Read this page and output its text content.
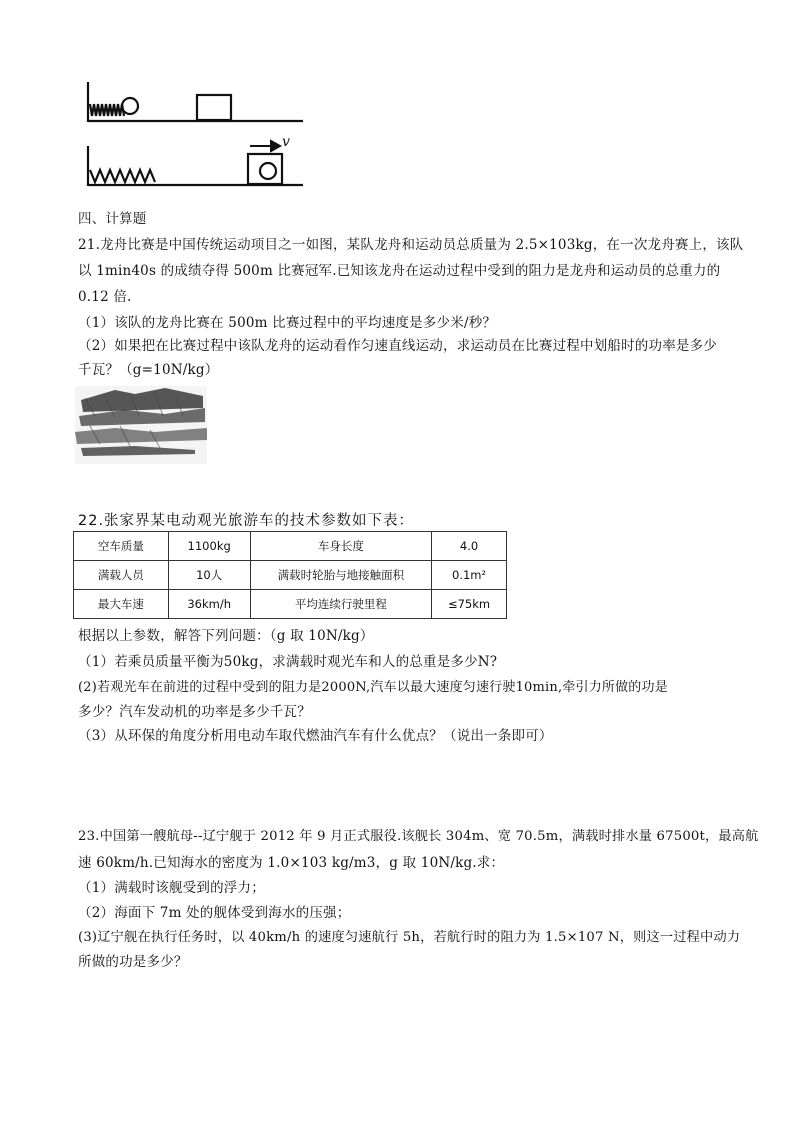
v
四、计算题
21.龙舟比赛是中国传统运动项目之一如图，某队龙舟和运动员总质量为 2.5×103kg，在一次龙舟赛上，该队
以 1min40s 的成绩夺得 500m 比赛冠军.已知该龙舟在运动过程中受到的阻力是龙舟和运动员的总重力的
0.12 倍.
（1）该队的龙舟比赛在 500m 比赛过程中的平均速度是多少米/秒？
（2）如果把在比赛过程中该队龙舟的运动看作匀速直线运动，求运动员在比赛过程中划船时的功率是多少
千瓦？（g=10N/kg）
22.张家界某电动观光旅游车的技术参数如下表：
空车质量	1100kg	车身长度	4.0
满载人员	10人	满载时轮胎与地接触面积	0.1m²
最大车速	36km/h	平均连续行驶里程	≤75km
根据以上参数，解答下列问题：（g 取 10N/kg）
（1）若乘员质量平衡为50kg，求满载时观光车和人的总重是多少N?
(2)若观光车在前进的过程中受到的阻力是2000N,汽车以最大速度匀速行驶10min,牵引力所做的功是
多少？汽车发动机的功率是多少千瓦？
（3）从环保的角度分析用电动车取代燃油汽车有什么优点？（说出一条即可）
23.中国第一艘航母--辽宁舰于 2012 年 9 月正式服役.该舰长 304m、宽 70.5m，满载时排水量 67500t，最高航
速 60km/h.已知海水的密度为 1.0×103 kg/m3，g 取 10N/kg.求：
（1）满载时该舰受到的浮力；
（2）海面下 7m 处的舰体受到海水的压强；
(3)辽宁舰在执行任务时，以 40km/h 的速度匀速航行 5h，若航行时的阻力为 1.5×107 N，则这一过程中动力
所做的功是多少？
